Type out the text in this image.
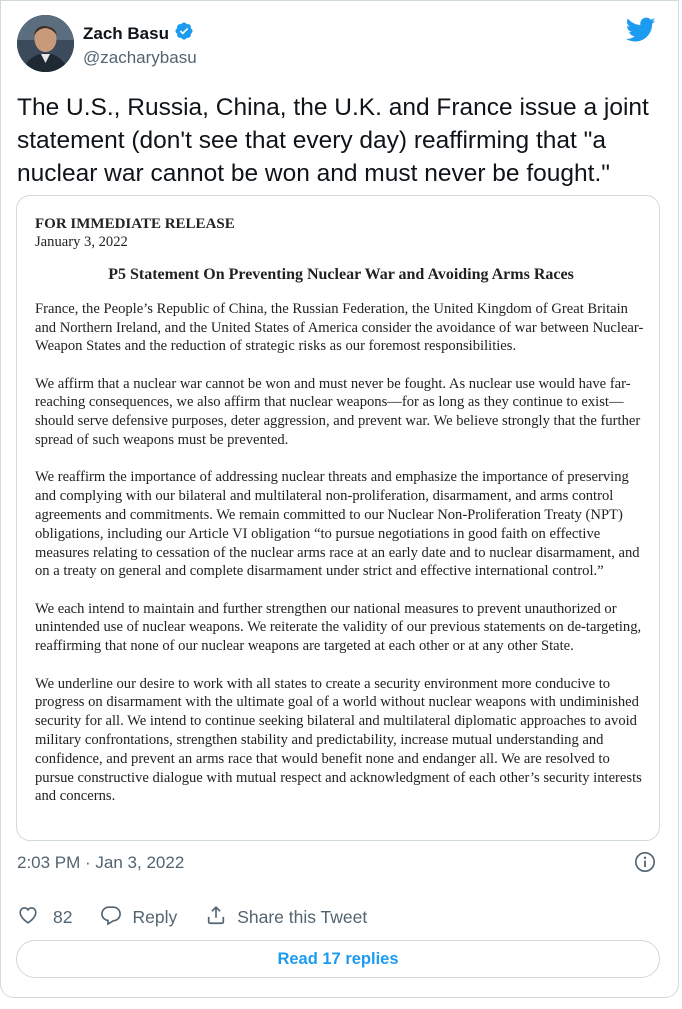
Zach Basu
@zacharybasu
The U.S., Russia, China, the U.K. and France issue a joint statement (don't see that every day) reaffirming that "a nuclear war cannot be won and must never be fought."
FOR IMMEDIATE RELEASE
January 3, 2022
P5 Statement On Preventing Nuclear War and Avoiding Arms Races

France, the People’s Republic of China, the Russian Federation, the United Kingdom of Great Britain and Northern Ireland, and the United States of America consider the avoidance of war between Nuclear-Weapon States and the reduction of strategic risks as our foremost responsibilities.

We affirm that a nuclear war cannot be won and must never be fought. As nuclear use would have far-reaching consequences, we also affirm that nuclear weapons—for as long as they continue to exist—should serve defensive purposes, deter aggression, and prevent war. We believe strongly that the further spread of such weapons must be prevented.

We reaffirm the importance of addressing nuclear threats and emphasize the importance of preserving and complying with our bilateral and multilateral non-proliferation, disarmament, and arms control agreements and commitments. We remain committed to our Nuclear Non-Proliferation Treaty (NPT) obligations, including our Article VI obligation “to pursue negotiations in good faith on effective measures relating to cessation of the nuclear arms race at an early date and to nuclear disarmament, and on a treaty on general and complete disarmament under strict and effective international control.”

We each intend to maintain and further strengthen our national measures to prevent unauthorized or unintended use of nuclear weapons. We reiterate the validity of our previous statements on de-targeting, reaffirming that none of our nuclear weapons are targeted at each other or at any other State.

We underline our desire to work with all states to create a security environment more conducive to progress on disarmament with the ultimate goal of a world without nuclear weapons with undiminished security for all. We intend to continue seeking bilateral and multilateral diplomatic approaches to avoid military confrontations, strengthen stability and predictability, increase mutual understanding and confidence, and prevent an arms race that would benefit none and endanger all. We are resolved to pursue constructive dialogue with mutual respect and acknowledgment of each other’s security interests and concerns.

2:03 PM · Jan 3, 2022
82	Reply	Share this Tweet
Read 17 replies
